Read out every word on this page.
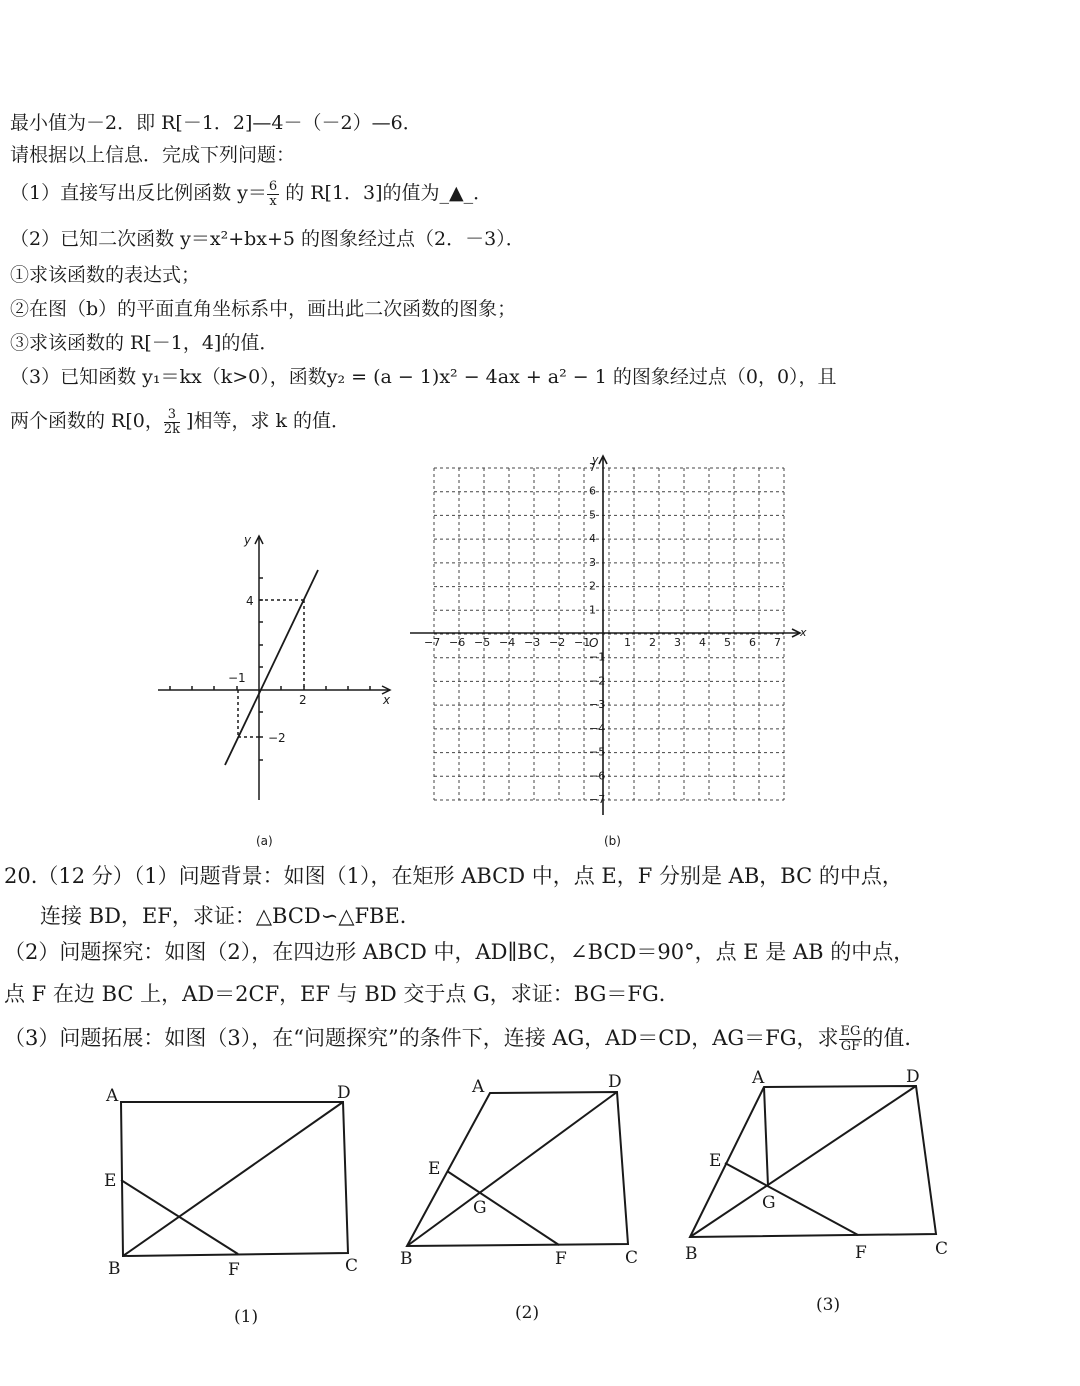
最小值为－2．即 R[－1．2]—4－（－2）—6．
请根据以上信息．完成下列问题：
（1）直接写出反比例函数 $y= \frac{6}{x}$ 的 R[1．3]的值为_▲_．
（2）已知二次函数 y＝x²+bx+5 的图象经过点（2．－3）．
①求该函数的表达式；
②在图（b）的平面直角坐标系中，画出此二次函数的图象；
③求该函数的 R[－1，4]的值．
（3）已知函数 y₁＝kx（k>0），函数y₂ = (a − 1)x² − 4ax + a² − 1 的图象经过点（0，0），且
两个函数的 R[0， $\frac{3}{2k}$ ]相等，求 k 的值．
y
x
−1
4
2
−2
(a)
−7 −6 −5 −4 −3 −2 −1	1 2 3 4 5 6 7
7
6
5
4
3
2
1
−1
−2
−3
−4
−5
−6
−7
O
x
y
(b)
20.（12 分）（1）问题背景：如图（1），在矩形 ABCD 中，点 E，F 分别是 AB，BC 的中点，
连接 BD，EF，求证：△BCD∽△FBE．
（2）问题探究：如图（2），在四边形 ABCD 中，AD∥BC，∠BCD＝90°，点 E 是 AB 的中点，
点 F 在边 BC 上，AD＝2CF，EF 与 BD 交于点 G，求证：BG＝FG．
（3）问题拓展：如图（3），在“问题探究”的条件下，连接 AG，AD＝CD，AG＝FG，求 $\frac{EG}{GF}$ 的值．
A	D
E
B	F	C
(1)
A	D
E
G
B	F	C
(2)
A	D
E
G
B	F	C
(3)
